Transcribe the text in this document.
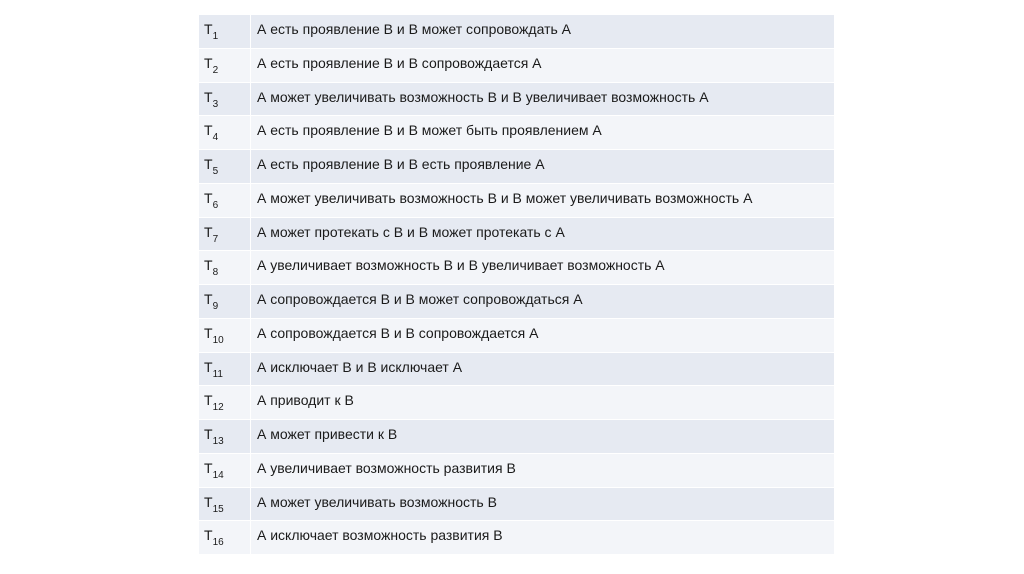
$T_1$	А есть проявление В и В может сопровождать А
$T_2$	А есть проявление В и В сопровождается А
$T_3$	А может увеличивать возможность В и В увеличивает возможность А
$T_4$	А есть проявление В и В может быть проявлением А
$T_5$	А есть проявление В и В есть проявление А
$T_6$	А может увеличивать возможность В и В может увеличивать возможность А
$T_7$	А может протекать с В и В может протекать с А
$T_8$	А увеличивает возможность В и В увеличивает возможность А
$T_9$	А сопровождается В и В может сопровождаться А
$T_{10}$	А сопровождается В и В сопровождается А
$T_{11}$	А исключает В и В исключает А
$T_{12}$	А приводит к В
$T_{13}$	А может привести к В
$T_{14}$	А увеличивает возможность развития В
$T_{15}$	А может увеличивать возможность В
$T_{16}$	А исключает возможность развития В
